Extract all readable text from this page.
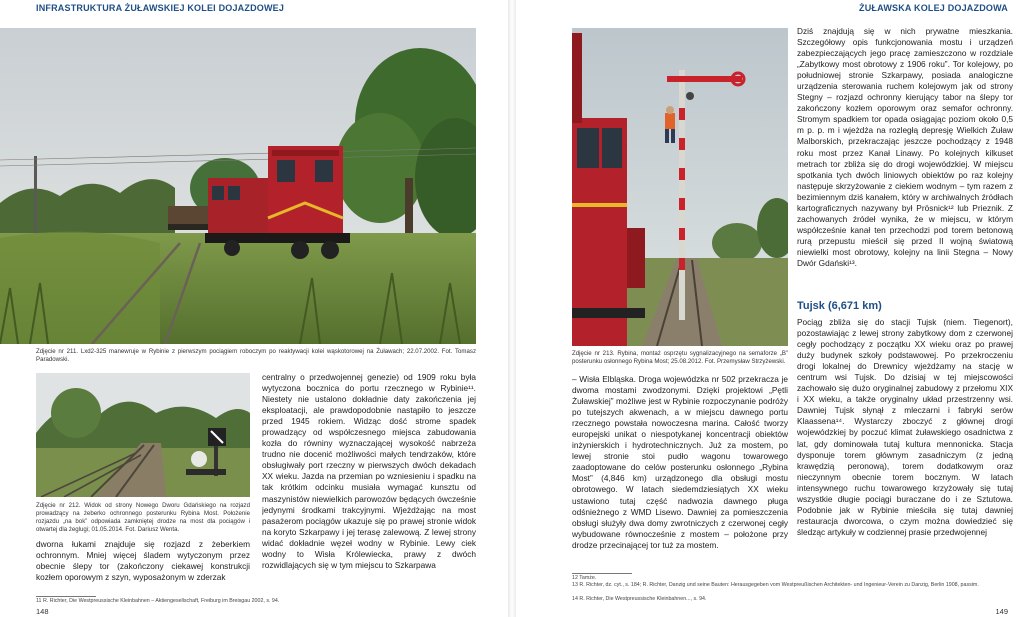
INFRASTRUKTURA ŻUŁAWSKIEJ KOLEI DOJAZDOWEJ
Zdjęcie nr 211. Lxd2-325 manewruje w Rybinie z pierwszym pociągiem roboczym po reaktywacji kolei wąskotorowej na Żuławach; 22.07.2002. Fot. Tomasz Paradowski.
Zdjęcie nr 212. Widok od strony Nowego Dworu Gdańskiego na rozjazd prowadzący na żeberko ochronnego posterunku Rybina Most. Położenie rozjazdu „na bok” odpowiada zamkniętej drodze na most dla pociągów i otwartej dla żeglugi; 01.05.2014. Fot. Dariusz Wenta.

dworna łukami znajduje się rozjazd z żeberkiem ochronnym. Mniej więcej śladem wytyczonym przez obecnie ślepy tor (zakończony ciekawej konstrukcji kozłem oporowym z szyn, wyposażonym w zderzak

centralny o przedwojennej genezie) od 1909 roku była wytyczona bocznica do portu rzecznego w Rybinie¹¹. Niestety nie ustalono dokładnie daty zakończenia jej eksploatacji, ale prawdopodobnie nastąpiło to jeszcze przed 1945 rokiem. Widząc dość strome spadek prowadzący od współczesnego miejsca zabudowania kozła do równiny wyznaczającej wysokość nabrzeża trudno nie docenić możliwości małych tendrzaków, które obsługiwały port rzeczny w pierwszych dwóch dekadach XX wieku. Jazda na przemian po wzniesieniu i spadku na tak krótkim odcinku musiała wymagać kunsztu od maszynistów niewielkich parowozów będących ówcześnie jedynymi środkami trakcyjnymi. Wjeżdżając na most pasażerom pociągów ukazuje się po prawej stronie widok na koryto Szkarpawy i jej terasę zalewową. Z lewej strony widać dokładnie węzeł wodny w Rybinie. Lewy ciek wodny to Wisła Królewiecka, prawy z dwóch rozwidlających się w tym miejscu to Szkarpawa

11 R. Richter, Die Westpreussische Kleinbahnen – Aktiengesellschaft, Freiburg im Breisgau 2002, s. 94.
148
ŻUŁAWSKA KOLEJ DOJAZDOWA
Zdjęcie nr 213. Rybina, montaż osprzętu sygnalizacyjnego na semaforze „B” posterunku osłonnego Rybina Most; 25.08.2012. Fot. Przemysław Strzyżewski.

– Wisła Elbląska. Droga wojewódzka nr 502 przekracza je dwoma mostami zwodzonymi. Dzięki projektowi „Pętli Żuławskiej” możliwe jest w Rybinie rozpoczynanie podróży po tutejszych akwenach, a w miejscu dawnego portu rzecznego powstała nowoczesna marina. Całość tworzy europejski unikat o niespotykanej koncentracji obiektów inżynierskich i hydrotechnicznych. Już za mostem, po lewej stronie stoi pudło wagonu towarowego zaadoptowane do celów posterunku osłonnego „Rybina Most” (4,846 km) urządzonego dla obsługi mostu obrotowego. W latach siedemdziesiątych XX wieku ustawiono tutaj część nadwozia dawnego pługa odśnieżnego z WMD Lisewo. Dawniej za pomieszczenia obsługi służyły dwa domy zwrotniczych z czerwonej cegły wybudowane równocześnie z mostem – położone przy drodze przecinającej tor tuż za mostem.

Dziś znajdują się w nich prywatne mieszkania. Szczegółowy opis funkcjonowania mostu i urządzeń zabezpieczających jego pracę zamieszczono w rozdziale „Zabytkowy most obrotowy z 1906 roku”. Tor kolejowy, po południowej stronie Szkarpawy, posiada analogiczne urządzenia sterowania ruchem kolejowym jak od strony Stegny – rozjazd ochronny kierujący tabor na ślepy tor zakończony kozłem oporowym oraz semafor ochronny. Stromym spadkiem tor opada osiągając poziom około 0,5 m p. p. m i wjeżdża na rozległą depresję Wielkich Żuław Malborskich, przekraczając jeszcze pochodzący z 1948 roku most przez Kanał Linawy. Po kolejnych kilkuset metrach tor zbliża się do drogi wojewódzkiej. W miejscu spotkania tych dwóch liniowych obiektów po raz kolejny następuje skrzyżowanie z ciekiem wodnym – tym razem z bezimiennym dziś kanałem, który w archiwalnych źródłach kartograficznych nazywany był Prösnick¹² lub Prieznik. Z zachowanych źródeł wynika, że w miejscu, w którym współcześnie kanał ten przechodzi pod torem betonową rurą przepustu mieścił się przed II wojną światową niewielki most obrotowy, kolejny na linii Stegna – Nowy Dwór Gdański¹³.

Tujsk (6,671 km)

Pociąg zbliża się do stacji Tujsk (niem. Tiegenort), pozostawiając z lewej strony zabytkowy dom z czerwonej cegły pochodzący z początku XX wieku oraz po prawej duży budynek szkoły podstawowej. Po przekroczeniu drogi lokalnej do Drewnicy wjeżdżamy na stację w centrum wsi Tujsk. Do dzisiaj w tej miejscowości zachowało się dużo oryginalnej zabudowy z przełomu XIX i XX wieku, a także oryginalny układ przestrzenny wsi. Dawniej Tujsk słynął z mleczarni i fabryki serów Klaassena¹⁴. Wystarczy zboczyć z głównej drogi wojewódzkiej by poczuć klimat żuławskiego osadnictwa z lat, gdy dominowała tutaj kultura mennonicka. Stacja dysponuje torem głównym zasadniczym (z jedną krawędzią peronową), torem dodatkowym oraz nieczynnym obecnie torem bocznym. W latach intensywnego ruchu towarowego krzyżowały się tutaj wszystkie długie pociągi buraczane do i ze Sztutowa. Podobnie jak w Rybinie mieściła się tutaj dawniej restauracja dworcowa, o czym można dowiedzieć się śledząc artykuły w codziennej prasie przedwojennej

12 Tamże.
13 R. Richter, dz. cyt., s. 184; R. Richter, Danzig und seine Bauten: Herausgegeben vom Westpreußischen Architekten- und Ingenieur-Verein zu Danzig, Berlin 1908, passim.
14 R. Richter, Die Westpreussische Kleinbahnen..., s. 94.
149
